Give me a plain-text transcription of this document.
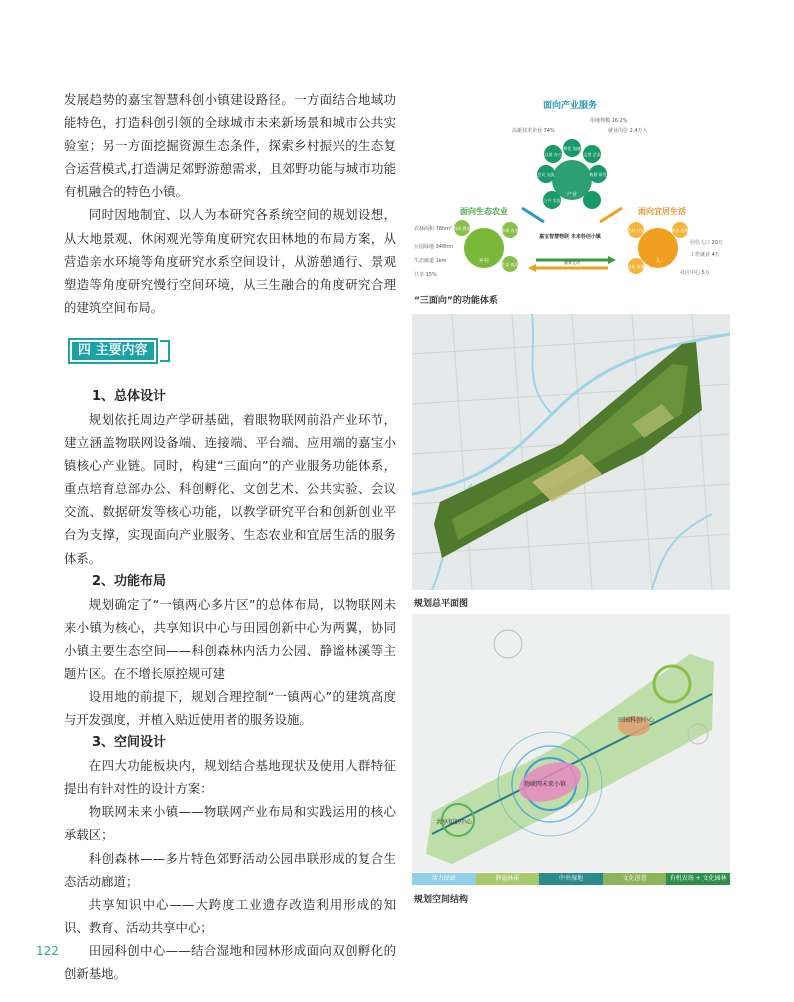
发展趋势的嘉宝智慧科创小镇建设路径。一方面结合地域功能特色，打造科创引领的全球城市未来新场景和城市公共实验室；另一方面挖掘资源生态条件，探索乡村振兴的生态复合运营模式,打造满足郊野游憩需求，且郊野功能与城市功能有机融合的特色小镇。

同时因地制宜、以人为本研究各系统空间的规划设想，从大地景观、休闲观光等角度研究农田林地的布局方案，从营造亲水环境等角度研究水系空间设计，从游憩通行、景观塑造等角度研究慢行空间环境，从三生融合的角度研究合理的建筑空间布局。

四 主要内容

1、总体设计

规划依托周边产学研基础，着眼物联网前沿产业环节，建立涵盖物联网设备端、连接端、平台端、应用端的嘉宝小镇核心产业链。同时，构建“三面向”的产业服务功能体系，重点培育总部办公、科创孵化、文创艺术、公共实验、会议交流、数据研发等核心功能，以教学研究平台和创新创业平台为支撑，实现面向产业服务、生态农业和宜居生活的服务体系。

2、功能布局

规划确定了“一镇两心多片区”的总体布局，以物联网未来小镇为核心，共享知识中心与田园创新中心为两翼，协同小镇主要生态空间——科创森林内活力公园、静谧林溪等主题片区。在不增长原控规可建

设用地的前提下，规划合理控制“一镇两心”的建筑高度与开发强度，并植入贴近使用者的服务设施。

3、空间设计

在四大功能板块内，规划结合基地现状及使用人群特征提出有针对性的设计方案：

物联网未来小镇——物联网产业布局和实践运用的核心承载区；

科创森林——多片特色郊野活动公园串联形成的复合生态活动廊道；

共享知识中心——大跨度工业遗存改造利用形成的知识、教育、活动共享中心；

田园科创中心——结合湿地和园林形成面向双创孵化的创新基地。

122
面向产业服务
用地规模 16.2%
高新技术企业 74%	就业岗位 2.4万人
产业
总部 办公
孵化 加速
文创 艺术
会议 交流	数据 研发
公共 实验
面向生态农业	面向宜居生活
乡村
科研 教育	休闲 农业
生态 观光
农林面积 78hm²
公园绿地 346hm
生态廊道 1km
共享 15%
人
宜居 社区	商业 服务
文化 设施
居住人口 20万
工作就业 4万
社区中心 5万
嘉宝智慧物联 未来科创小镇
服务互动
“三面向”的功能体系
规划总平面图
田园科创中心
物联网未来小镇
共享知识中心
活力绿廊	静谧林溪	中央湿地	文化创意	有机农场 + 文化园林
规划空间结构
